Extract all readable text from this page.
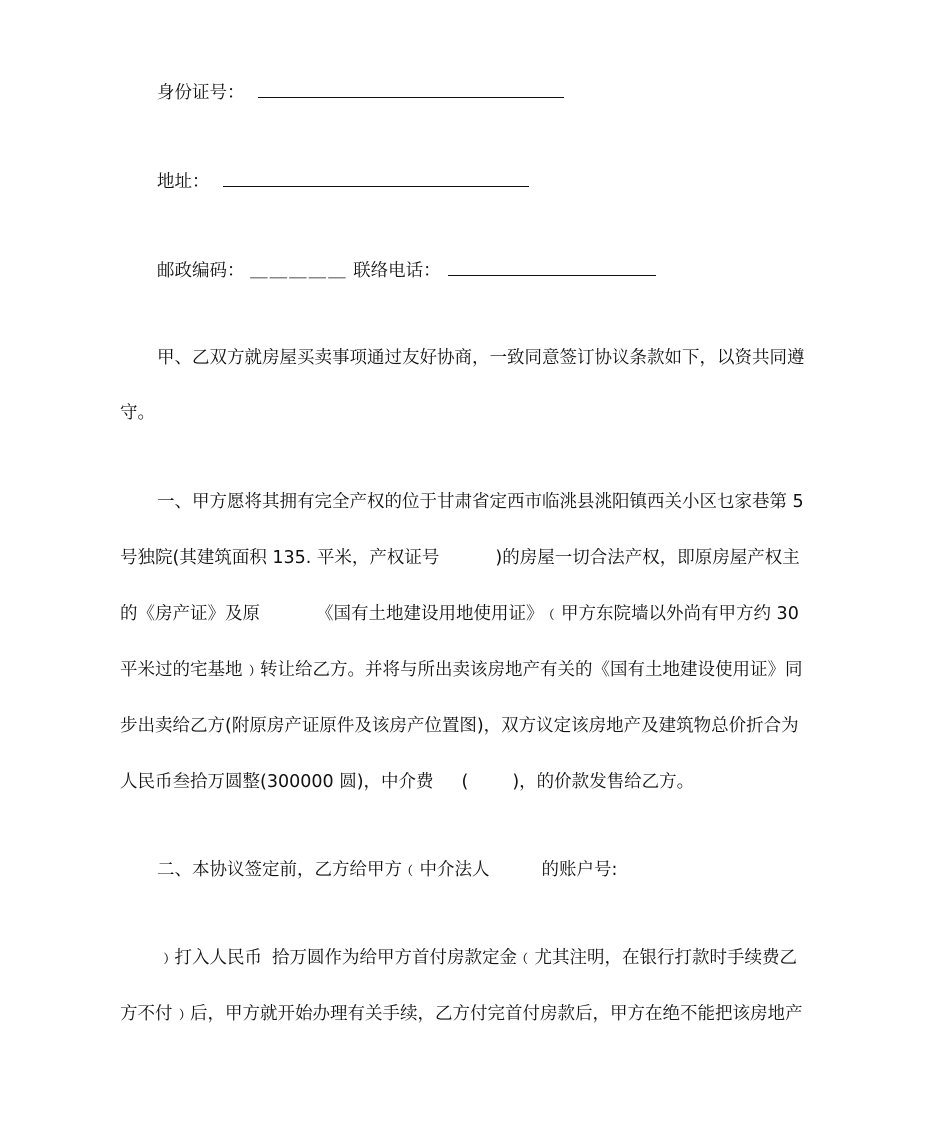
身份证号：
地址：
邮政编码： ＿＿＿＿＿ 联络电话：
甲、乙双方就房屋买卖事项通过友好协商，一致同意签订协议条款如下，以资共同遵
守。
一、甲方愿将其拥有完全产权的位于甘肃省定西市临洮县洮阳镇西关小区乜家巷第 5
号独院(其建筑面积 135. 平米，产权证号	)的房屋一切合法产权，即原房屋产权主
的《房产证》及原	《国有土地建设用地使用证》﹙甲方东院墙以外尚有甲方约 30
平米过的宅基地﹚转让给乙方。并将与所出卖该房地产有关的《国有土地建设使用证》同
步出卖给乙方(附原房产证原件及该房产位置图)，双方议定该房地产及建筑物总价折合为
人民币叁拾万圆整(300000 圆)，中介费 (	)，的价款发售给乙方。
二、本协议签定前，乙方给甲方﹙中介法人	的账户号:
﹚打入人民币 拾万圆作为给甲方首付房款定金﹙尤其注明，在银行打款时手续费乙
方不付﹚后，甲方就开始办理有关手续，乙方付完首付房款后，甲方在绝不能把该房地产
